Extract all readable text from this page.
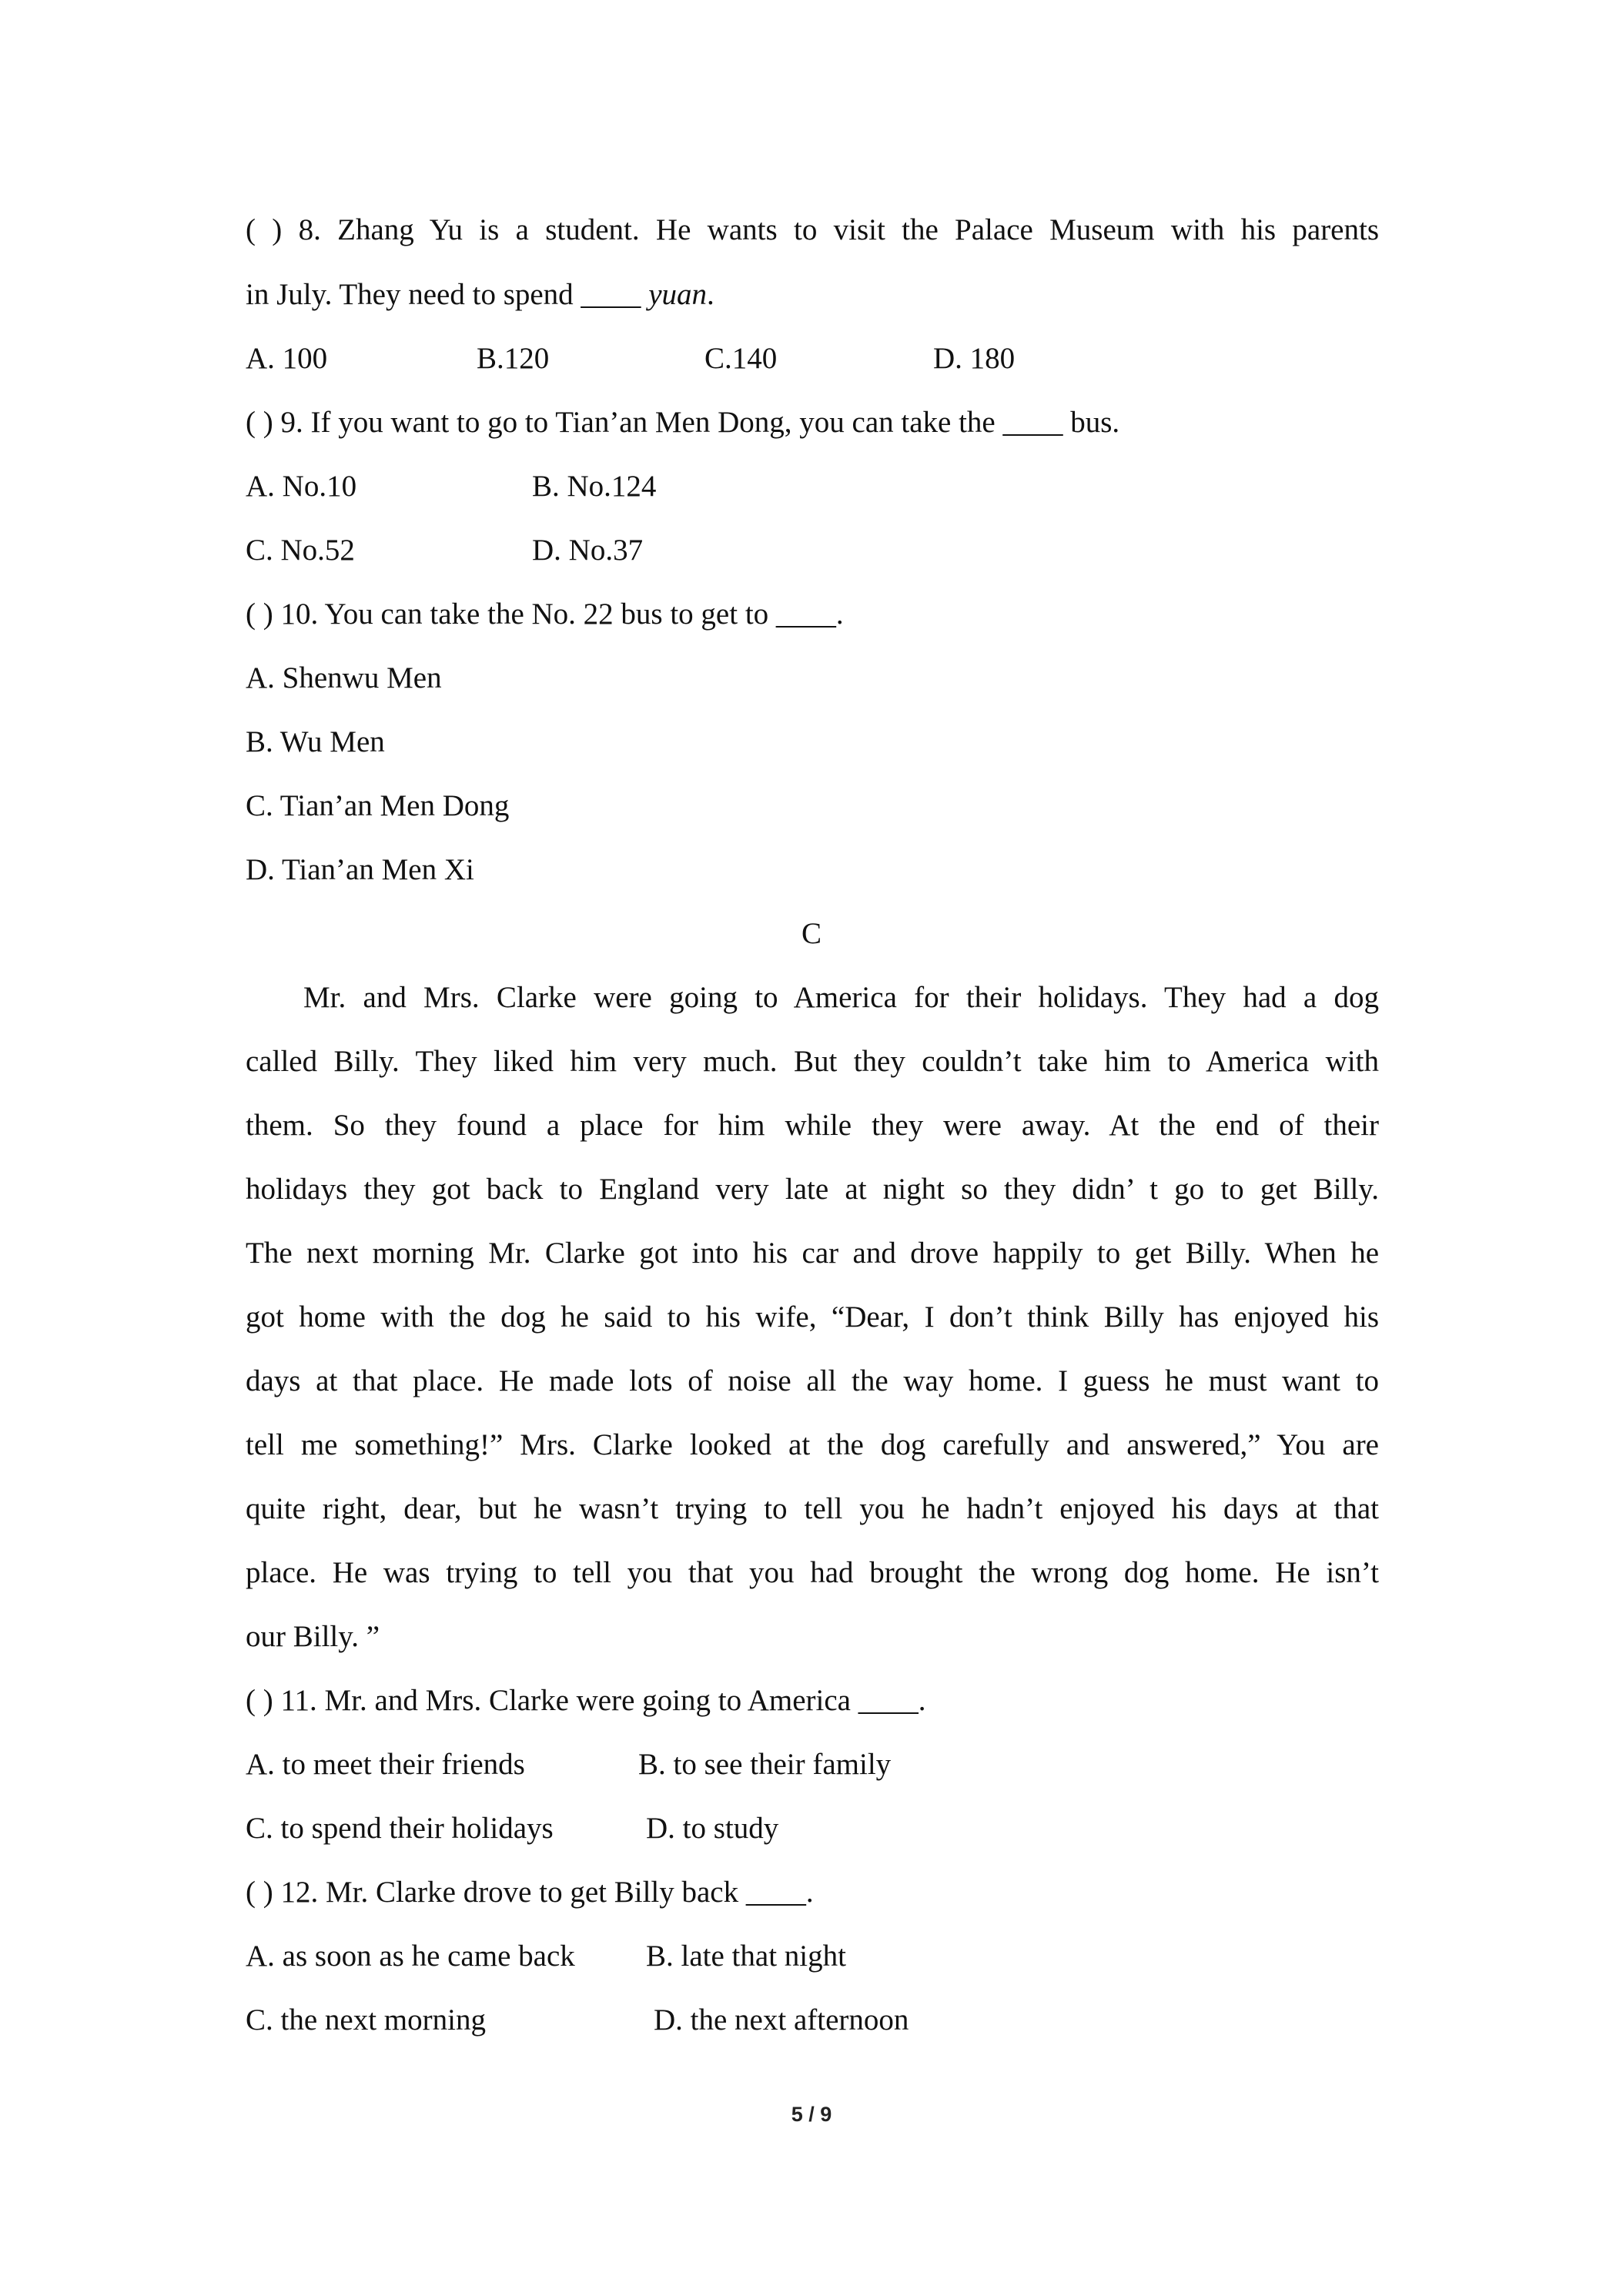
( ) 8. Zhang Yu is a student. He wants to visit the Palace Museum with his parents
in July. They need to spend ____ yuan.
A. 100	B.120	C.140	D. 180
( ) 9. If you want to go to Tian’an Men Dong, you can take the ____ bus.
A. No.10	B. No.124
C. No.52	D. No.37
( ) 10. You can take the No. 22 bus to get to ____.
A. Shenwu Men
B. Wu Men
C. Tian’an Men Dong
D. Tian’an Men Xi
C
Mr. and Mrs. Clarke were going to America for their holidays. They had a dog
called Billy. They liked him very much. But they couldn’t take him to America with
them. So they found a place for him while they were away. At the end of their
holidays they got back to England very late at night so they didn’ t go to get Billy.
The next morning Mr. Clarke got into his car and drove happily to get Billy. When he
got home with the dog he said to his wife, “Dear, I don’t think Billy has enjoyed his
days at that place. He made lots of noise all the way home. I guess he must want to
tell me something!” Mrs. Clarke looked at the dog carefully and answered,” You are
quite right, dear, but he wasn’t trying to tell you he hadn’t enjoyed his days at that
place. He was trying to tell you that you had brought the wrong dog home. He isn’t
our Billy. ”
( ) 11. Mr. and Mrs. Clarke were going to America ____.
A. to meet their friends	B. to see their family
C. to spend their holidays	D. to study
( ) 12. Mr. Clarke drove to get Billy back ____.
A. as soon as he came back B. late that night
C. the next morning	D. the next afternoon
5 / 9
